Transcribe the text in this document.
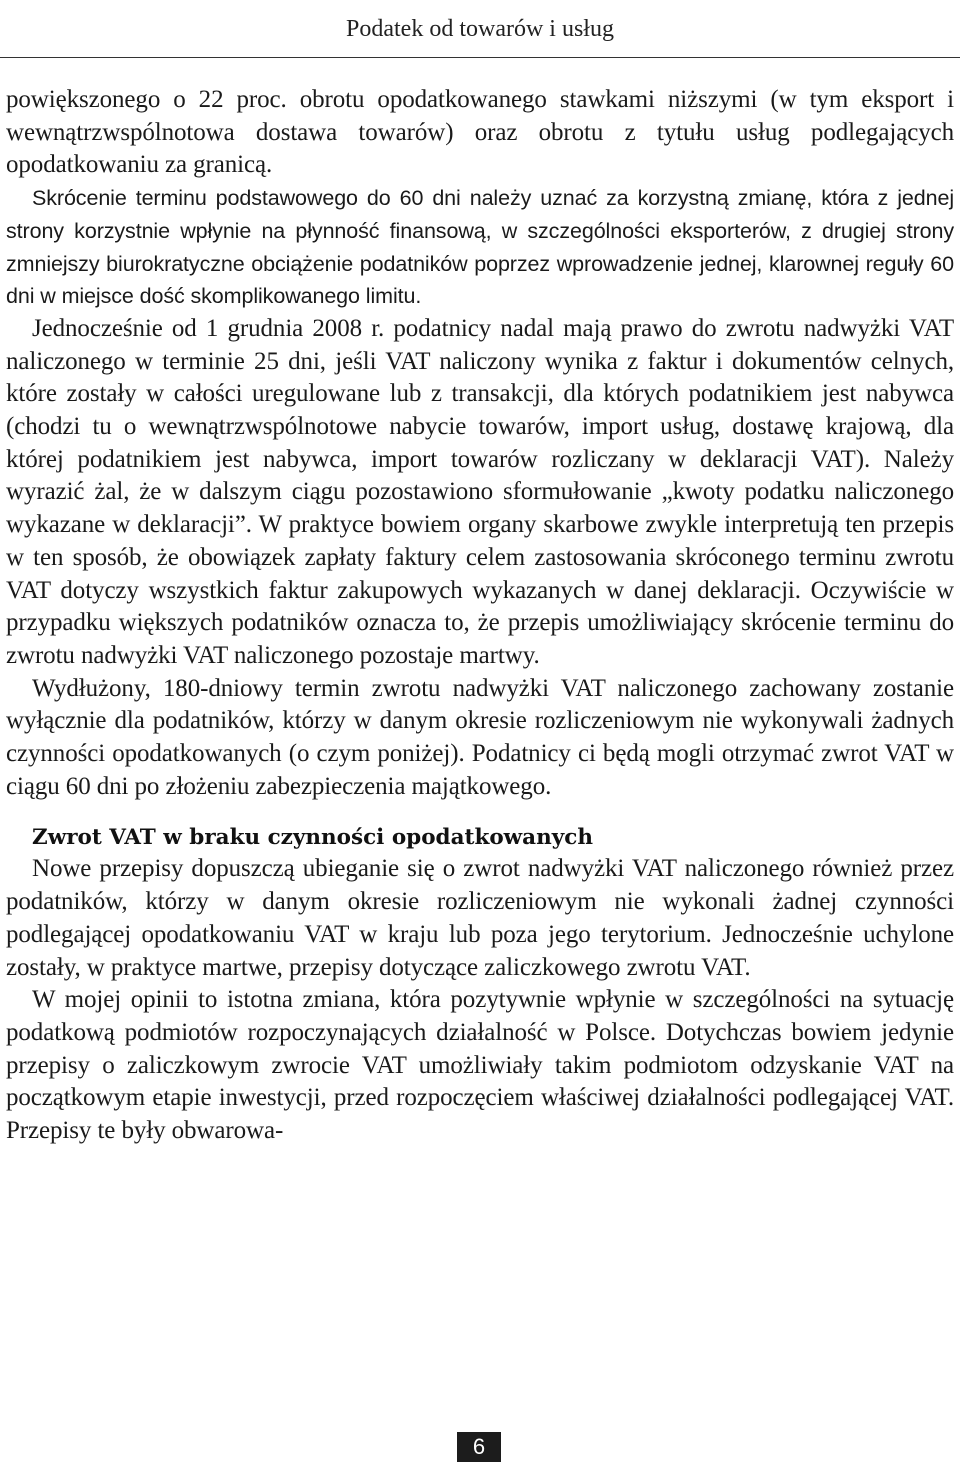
Podatek od towarów i usług

powiększonego o 22 proc. obrotu opodatkowanego stawkami niższymi (w tym eksport i wewnątrzwspólnotowa dostawa towarów) oraz obrotu z tytułu usług podlegających opodatkowaniu za granicą.

Skrócenie terminu podstawowego do 60 dni należy uznać za korzystną zmianę, która z jednej strony korzystnie wpłynie na płynność finansową, w szczególności eksporterów, z drugiej strony zmniejszy biurokratyczne obciążenie podatników poprzez wprowadzenie jednej, klarownej reguły 60 dni w miejsce dość skomplikowanego limitu.

Jednocześnie od 1 grudnia 2008 r. podatnicy nadal mają prawo do zwrotu nadwyżki VAT naliczonego w terminie 25 dni, jeśli VAT naliczony wynika z faktur i dokumentów celnych, które zostały w całości uregulowane lub z transakcji, dla których podatnikiem jest nabywca (chodzi tu o wewnątrzwspólnotowe nabycie towarów, import usług, dostawę krajową, dla której podatnikiem jest nabywca, import towarów rozliczany w deklaracji VAT). Należy wyrazić żal, że w dalszym ciągu pozostawiono sformułowanie „kwoty podatku naliczonego wykazane w deklaracji”. W praktyce bowiem organy skarbowe zwykle interpretują ten przepis w ten sposób, że obowiązek zapłaty faktury celem zastosowania skróconego terminu zwrotu VAT dotyczy wszystkich faktur zakupowych wykazanych w danej deklaracji. Oczywiście w przypadku większych podatników oznacza to, że przepis umożliwiający skrócenie terminu do zwrotu nadwyżki VAT naliczonego pozostaje martwy.

Wydłużony, 180-dniowy termin zwrotu nadwyżki VAT naliczonego zachowany zostanie wyłącznie dla podatników, którzy w danym okresie rozliczeniowym nie wykonywali żadnych czynności opodatkowanych (o czym poniżej). Podatnicy ci będą mogli otrzymać zwrot VAT w ciągu 60 dni po złożeniu zabezpieczenia majątkowego.

Zwrot VAT w braku czynności opodatkowanych

Nowe przepisy dopuszczą ubieganie się o zwrot nadwyżki VAT naliczonego również przez podatników, którzy w danym okresie rozliczeniowym nie wykonali żadnej czynności podlegającej opodatkowaniu VAT w kraju lub poza jego terytorium. Jednocześnie uchylone zostały, w praktyce martwe, przepisy dotyczące zaliczkowego zwrotu VAT.

W mojej opinii to istotna zmiana, która pozytywnie wpłynie w szczególności na sytuację podatkową podmiotów rozpoczynających działalność w Polsce. Dotychczas bowiem jedynie przepisy o zaliczkowym zwrocie VAT umożliwiały takim podmiotom odzyskanie VAT na początkowym etapie inwestycji, przed rozpoczęciem właściwej działalności podlegającej VAT. Przepisy te były obwarowa-

6
